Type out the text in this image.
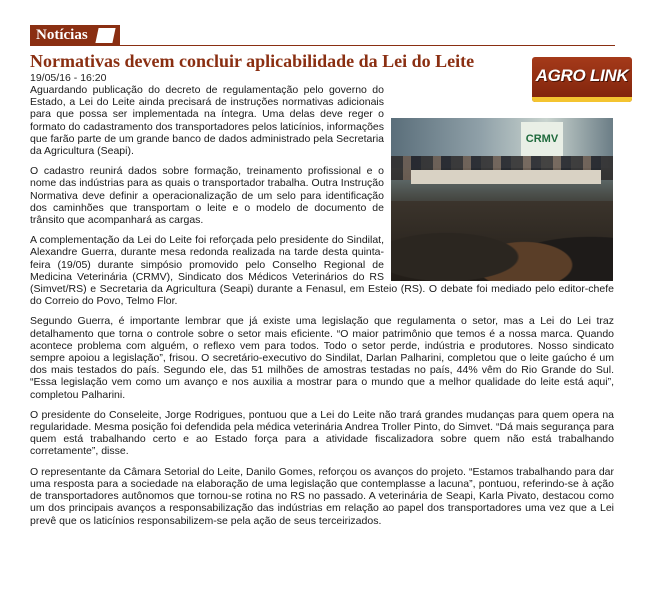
Notícias
Normativas devem concluir aplicabilidade da Lei do Leite
19/05/16 - 16:20	AGRO LINK
CRMV

Aguardando publicação do decreto de regulamentação pelo governo do Estado, a Lei do Leite ainda precisará de instruções normativas adicionais para que possa ser implementada na íntegra. Uma delas deve reger o formato do cadastramento dos transportadores pelos laticínios, informações que farão parte de um grande banco de dados administrado pela Secretaria da Agricultura (Seapi).

O cadastro reunirá dados sobre formação, treinamento profissional e o nome das indústrias para as quais o transportador trabalha. Outra Instrução Normativa deve definir a operacionalização de um selo para identificação dos caminhões que transportam o leite e o modelo de documento de trânsito que acompanhará as cargas.

A complementação da Lei do Leite foi reforçada pelo presidente do Sindilat, Alexandre Guerra, durante mesa redonda realizada na tarde desta quinta-feira (19/05) durante simpósio promovido pelo Conselho Regional de Medicina Veterinária (CRMV), Sindicato dos Médicos Veterinários do RS (Simvet/RS) e Secretaria da Agricultura (Seapi) durante a Fenasul, em Esteio (RS). O debate foi mediado pelo editor-chefe do Correio do Povo, Telmo Flor.

Segundo Guerra, é importante lembrar que já existe uma legislação que regulamenta o setor, mas a Lei do Lei traz detalhamento que torna o controle sobre o setor mais eficiente. “O maior patrimônio que temos é a nossa marca. Quando acontece problema com alguém, o reflexo vem para todos. Todo o setor perde, indústria e produtores. Nosso sindicato sempre apoiou a legislação”, frisou. O secretário-executivo do Sindilat, Darlan Palharini, completou que o leite gaúcho é um dos mais testados do país. Segundo ele, das 51 milhões de amostras testadas no país, 44% vêm do Rio Grande do Sul. “Essa legislação vem como um avanço e nos auxilia a mostrar para o mundo que a melhor qualidade do leite está aqui”, completou Palharini.

O presidente do Conseleite, Jorge Rodrigues, pontuou que a Lei do Leite não trará grandes mudanças para quem opera na regularidade. Mesma posição foi defendida pela médica veterinária Andrea Troller Pinto, do Simvet. “Dá mais segurança para quem está trabalhando certo e ao Estado força para a atividade fiscalizadora sobre quem não está trabalhando corretamente”, disse.

O representante da Câmara Setorial do Leite, Danilo Gomes, reforçou os avanços do projeto. “Estamos trabalhando para dar uma resposta para a sociedade na elaboração de uma legislação que contemplasse a lacuna”, pontuou, referindo-se à ação de transportadores autônomos que tornou-se rotina no RS no passado. A veterinária de Seapi, Karla Pivato, destacou como um dos principais avanços a responsabilização das indústrias em relação ao papel dos transportadores uma vez que a Lei prevê que os laticínios responsabilizem-se pela ação de seus terceirizados.
